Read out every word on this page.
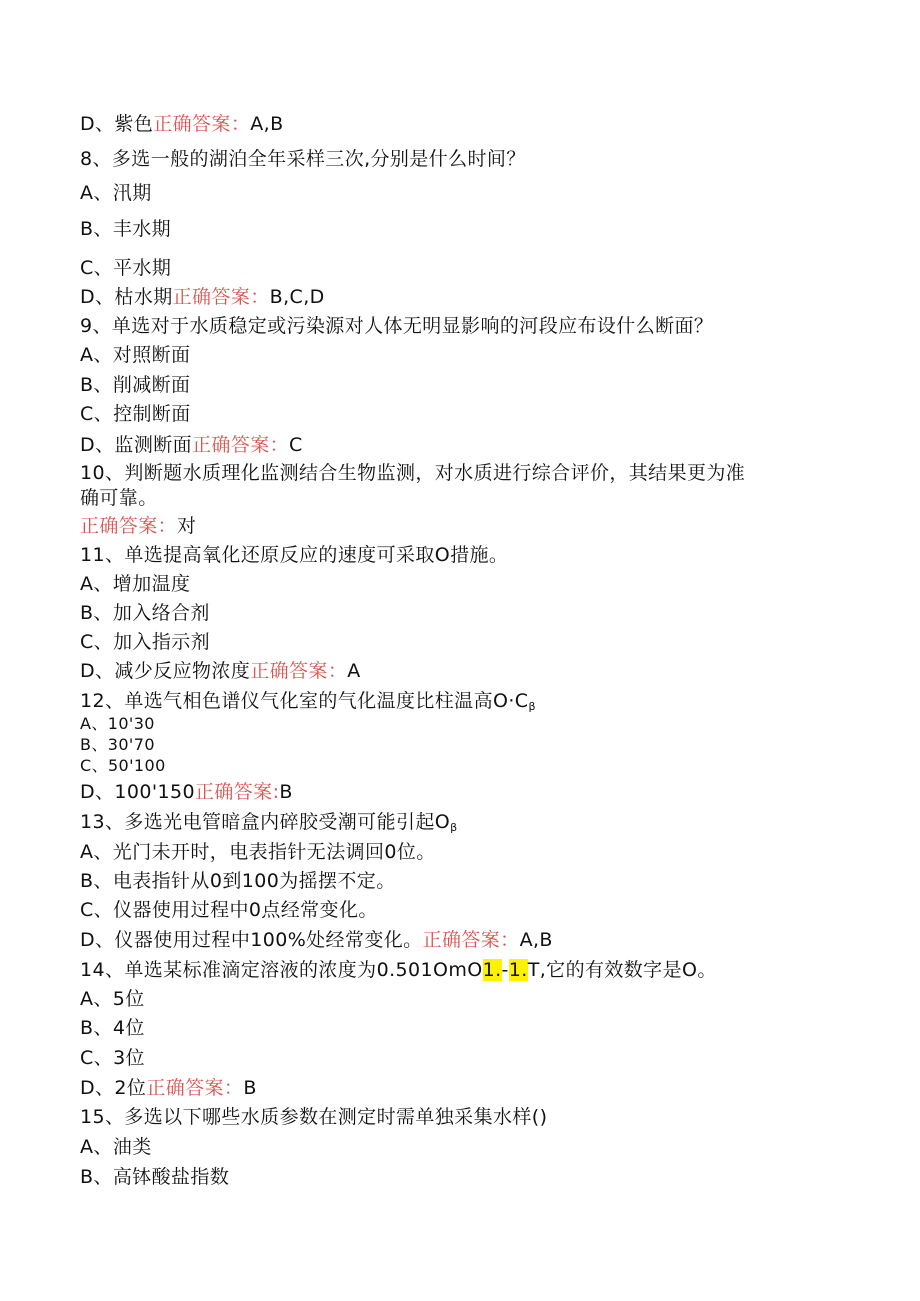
D、紫色正确答案：A,B
8、多选一般的湖泊全年采样三次,分别是什么时间？
A、汛期
B、丰水期
C、平水期
D、枯水期正确答案：B,C,D
9、单选对于水质稳定或污染源对人体无明显影响的河段应布设什么断面？
A、对照断面
B、削减断面
C、控制断面
D、监测断面正确答案：C
10、判断题水质理化监测结合生物监测，对水质进行综合评价，其结果更为准
确可靠。
正确答案：对
11、单选提高氧化还原反应的速度可采取O措施。
A、增加温度
B、加入络合剂
C、加入指示剂
D、减少反应物浓度正确答案：A
12、单选气相色谱仪气化室的气化温度比柱温高$O\cdot C_\beta$
A、10'30
B、30'70
C、50'100
D、100'150正确答案:B
13、多选光电管暗盒内碎胶受潮可能引起$O_\beta$
A、光门未开时，电表指针无法调回0位。
B、电表指针从0到100为摇摆不定。
C、仪器使用过程中0点经常变化。
D、仪器使用过程中100%处经常变化。正确答案：A,B
14、单选某标准滴定溶液的浓度为0.501OmO1.-1.T,它的有效数字是O。
A、5位
B、4位
C、3位
D、2位正确答案：B
15、多选以下哪些水质参数在测定时需单独采集水样()
A、油类
B、高钵酸盐指数
